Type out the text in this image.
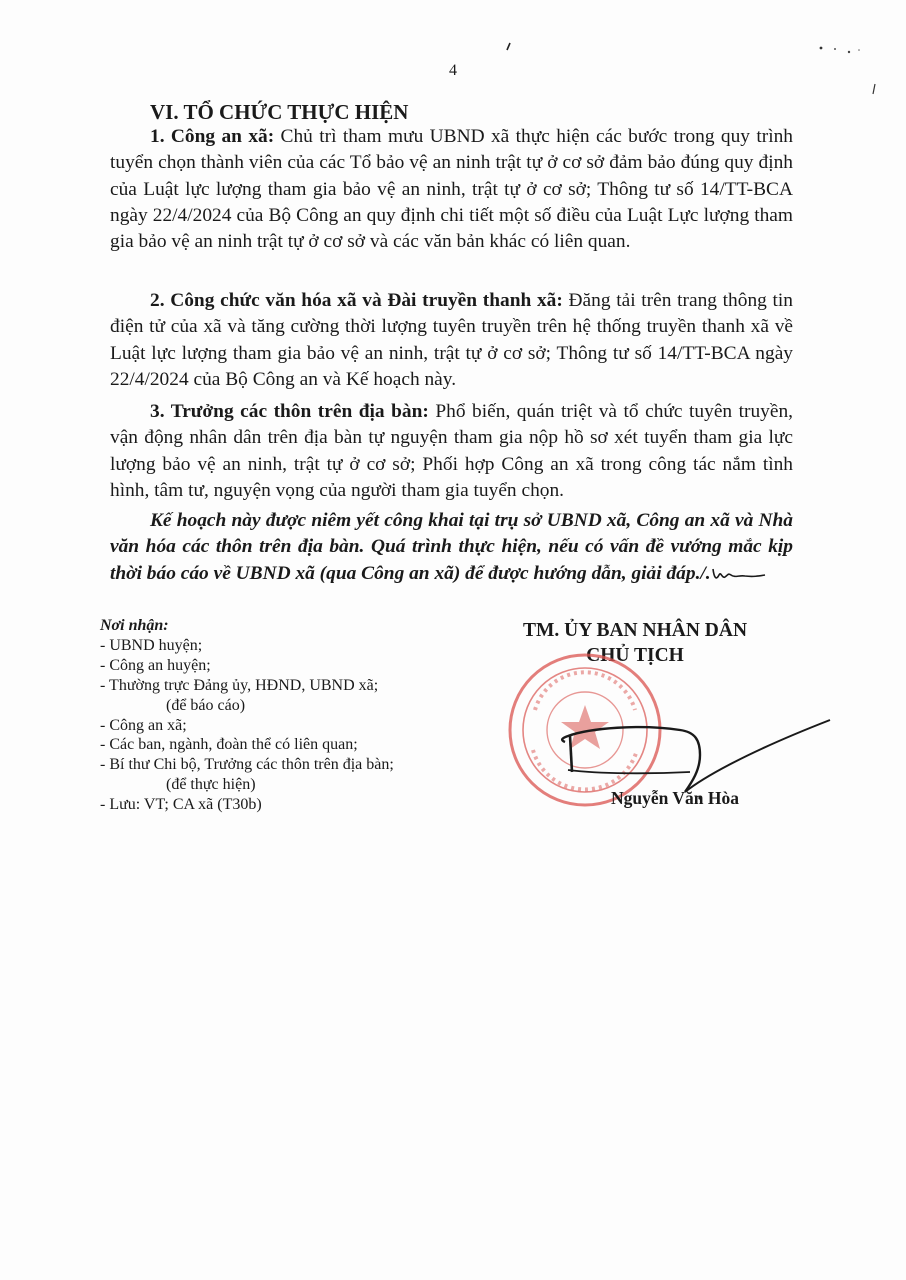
4
VI. TỔ CHỨC THỰC HIỆN

1. Công an xã: Chủ trì tham mưu UBND xã thực hiện các bước trong quy trình tuyển chọn thành viên của các Tổ bảo vệ an ninh trật tự ở cơ sở đảm bảo đúng quy định của Luật lực lượng tham gia bảo vệ an ninh, trật tự ở cơ sở; Thông tư số 14/TT-BCA ngày 22/4/2024 của Bộ Công an quy định chi tiết một số điều của Luật Lực lượng tham gia bảo vệ an ninh trật tự ở cơ sở và các văn bản khác có liên quan.

2. Công chức văn hóa xã và Đài truyền thanh xã: Đăng tải trên trang thông tin điện tử của xã và tăng cường thời lượng tuyên truyền trên hệ thống truyền thanh xã về Luật lực lượng tham gia bảo vệ an ninh, trật tự ở cơ sở; Thông tư số 14/TT-BCA ngày 22/4/2024 của Bộ Công an và Kế hoạch này.

3. Trưởng các thôn trên địa bàn: Phổ biến, quán triệt và tổ chức tuyên truyền, vận động nhân dân trên địa bàn tự nguyện tham gia nộp hồ sơ xét tuyển tham gia lực lượng bảo vệ an ninh, trật tự ở cơ sở; Phối hợp Công an xã trong công tác nắm tình hình, tâm tư, nguyện vọng của người tham gia tuyển chọn.

Kế hoạch này được niêm yết công khai tại trụ sở UBND xã, Công an xã và Nhà văn hóa các thôn trên địa bàn. Quá trình thực hiện, nếu có vấn đề vướng mắc kịp thời báo cáo về UBND xã (qua Công an xã) để được hướng dẫn, giải đáp./.

Nơi nhận:
- UBND huyện;
- Công an huyện;
- Thường trực Đảng ủy, HĐND, UBND xã;
(để báo cáo)
- Công an xã;
- Các ban, ngành, đoàn thể có liên quan;
- Bí thư Chi bộ, Trưởng các thôn trên địa bàn;
(để thực hiện)
- Lưu: VT; CA xã (T30b)
TM. ỦY BAN NHÂN DÂN
CHỦ TỊCH
Nguyễn Văn Hòa
